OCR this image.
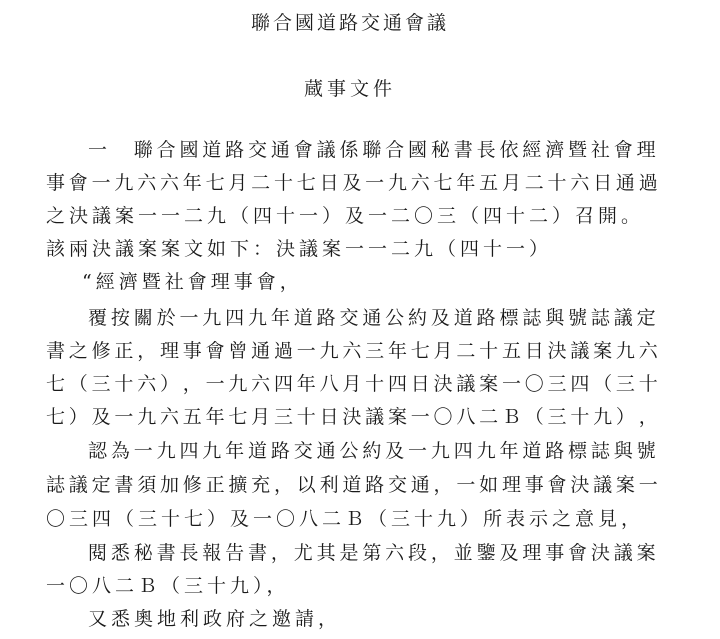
聯合國道路交通會議
蔵事文件
一
　 聯 合 國 道 路 交 通 會 議 係 聯 合 國 秘 書 長 依 經 濟 暨 社 會 理
事 會 一 九 六 六 年 七 月 二 十 七 日 及 一 九 六 七 年 五 月 二 十 六 日 通 過
之決議案一一二九（四十一）及一二〇三（四十二）召開。
該兩決議案案文如下：決議案一一二九（四十一）
“經濟暨社會理事會，
覆 按 關 於 一 九 四 九 年 道 路 交 通 公 約 及 道 路 標 誌 與 號 誌 議 定
書 之 修 正 ， 理 事 會 曾 通 過 一 九 六 三 年 七 月 二 十 五 日 決 議 案 九 六
七 （ 三 十 六 ） ， 一 九 六 四 年 八 月 十 四 日 決 議 案 一 〇 三 四 （ 三 十
七 ） 及 一 九 六 五 年 七 月 三 十 日 決 議 案 一 〇 八 二 Ｂ （ 三 十 九 ） ，
認 為 一 九 四 九 年 道 路 交 通 公 約 及 一 九 四 九 年 道 路 標 誌 與 號
誌 議 定 書 須 加 修 正 擴 充 ， 以 利 道 路 交 通 ， 一 如 理 事 會 決 議 案 一
〇三四（三十七）及一〇八二Ｂ（三十九）所表示之意見，
閱 悉 秘 書 長 報 告 書 ， 尤 其 是 第 六 段 ， 並 鑒 及 理 事 會 決 議 案
一〇八二Ｂ（三十九），
又悉奧地利政府之邀請，
